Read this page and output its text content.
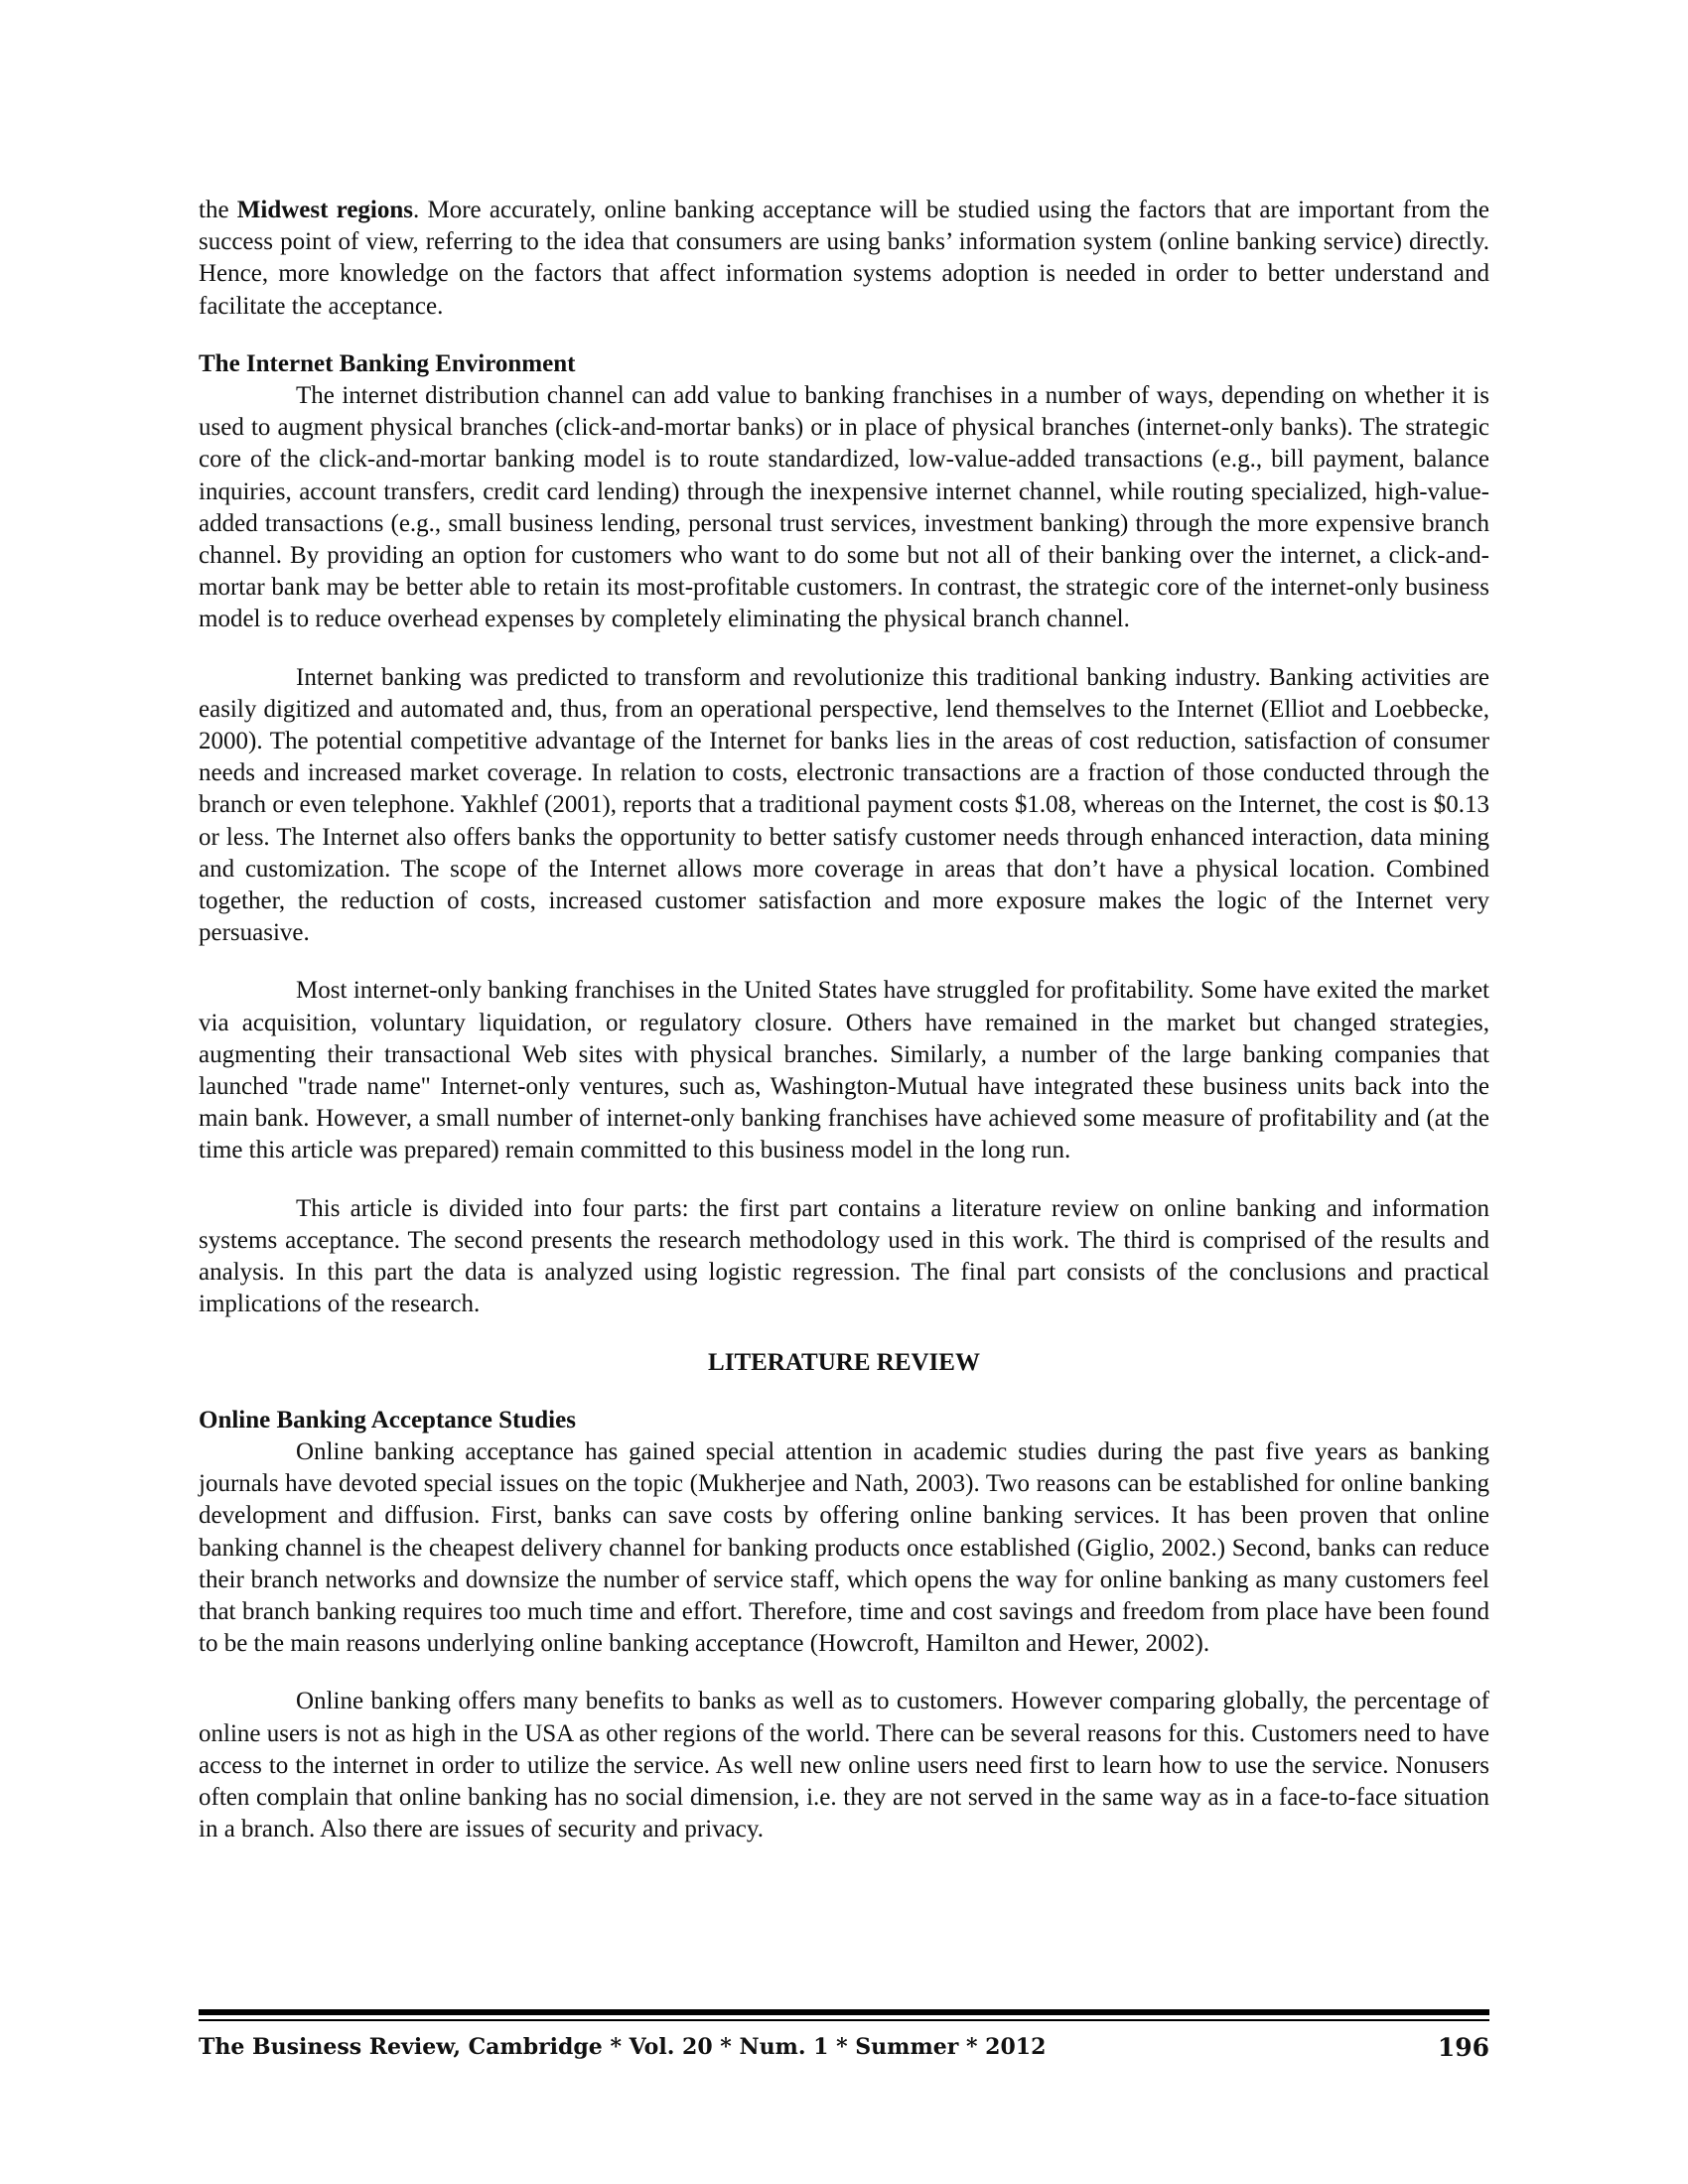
the Midwest regions. More accurately, online banking acceptance will be studied using the factors that are important from the success point of view, referring to the idea that consumers are using banks’ information system (online banking service) directly. Hence, more knowledge on the factors that affect information systems adoption is needed in order to better understand and facilitate the acceptance.

The Internet Banking Environment

The internet distribution channel can add value to banking franchises in a number of ways, depending on whether it is used to augment physical branches (click-and-mortar banks) or in place of physical branches (internet-only banks). The strategic core of the click-and-mortar banking model is to route standardized, low-value-added transactions (e.g., bill payment, balance inquiries, account transfers, credit card lending) through the inexpensive internet channel, while routing specialized, high-value-added transactions (e.g., small business lending, personal trust services, investment banking) through the more expensive branch channel. By providing an option for customers who want to do some but not all of their banking over the internet, a click-and-mortar bank may be better able to retain its most-profitable customers. In contrast, the strategic core of the internet-only business model is to reduce overhead expenses by completely eliminating the physical branch channel.

Internet banking was predicted to transform and revolutionize this traditional banking industry. Banking activities are easily digitized and automated and, thus, from an operational perspective, lend themselves to the Internet (Elliot and Loebbecke, 2000). The potential competitive advantage of the Internet for banks lies in the areas of cost reduction, satisfaction of consumer needs and increased market coverage. In relation to costs, electronic transactions are a fraction of those conducted through the branch or even telephone. Yakhlef (2001), reports that a traditional payment costs $1.08, whereas on the Internet, the cost is $0.13 or less. The Internet also offers banks the opportunity to better satisfy customer needs through enhanced interaction, data mining and customization. The scope of the Internet allows more coverage in areas that don’t have a physical location. Combined together, the reduction of costs, increased customer satisfaction and more exposure makes the logic of the Internet very persuasive.

Most internet-only banking franchises in the United States have struggled for profitability. Some have exited the market via acquisition, voluntary liquidation, or regulatory closure. Others have remained in the market but changed strategies, augmenting their transactional Web sites with physical branches. Similarly, a number of the large banking companies that launched "trade name" Internet-only ventures, such as, Washington-Mutual have integrated these business units back into the main bank. However, a small number of internet-only banking franchises have achieved some measure of profitability and (at the time this article was prepared) remain committed to this business model in the long run.

This article is divided into four parts: the first part contains a literature review on online banking and information systems acceptance. The second presents the research methodology used in this work. The third is comprised of the results and analysis. In this part the data is analyzed using logistic regression. The final part consists of the conclusions and practical implications of the research.

LITERATURE REVIEW

Online Banking Acceptance Studies

Online banking acceptance has gained special attention in academic studies during the past five years as banking journals have devoted special issues on the topic (Mukherjee and Nath, 2003). Two reasons can be established for online banking development and diffusion. First, banks can save costs by offering online banking services. It has been proven that online banking channel is the cheapest delivery channel for banking products once established (Giglio, 2002.) Second, banks can reduce their branch networks and downsize the number of service staff, which opens the way for online banking as many customers feel that branch banking requires too much time and effort. Therefore, time and cost savings and freedom from place have been found to be the main reasons underlying online banking acceptance (Howcroft, Hamilton and Hewer, 2002).

Online banking offers many benefits to banks as well as to customers. However comparing globally, the percentage of online users is not as high in the USA as other regions of the world. There can be several reasons for this. Customers need to have access to the internet in order to utilize the service. As well new online users need first to learn how to use the service. Nonusers often complain that online banking has no social dimension, i.e. they are not served in the same way as in a face-to-face situation in a branch. Also there are issues of security and privacy.

The Business Review, Cambridge * Vol. 20 * Num. 1 * Summer * 2012	196
